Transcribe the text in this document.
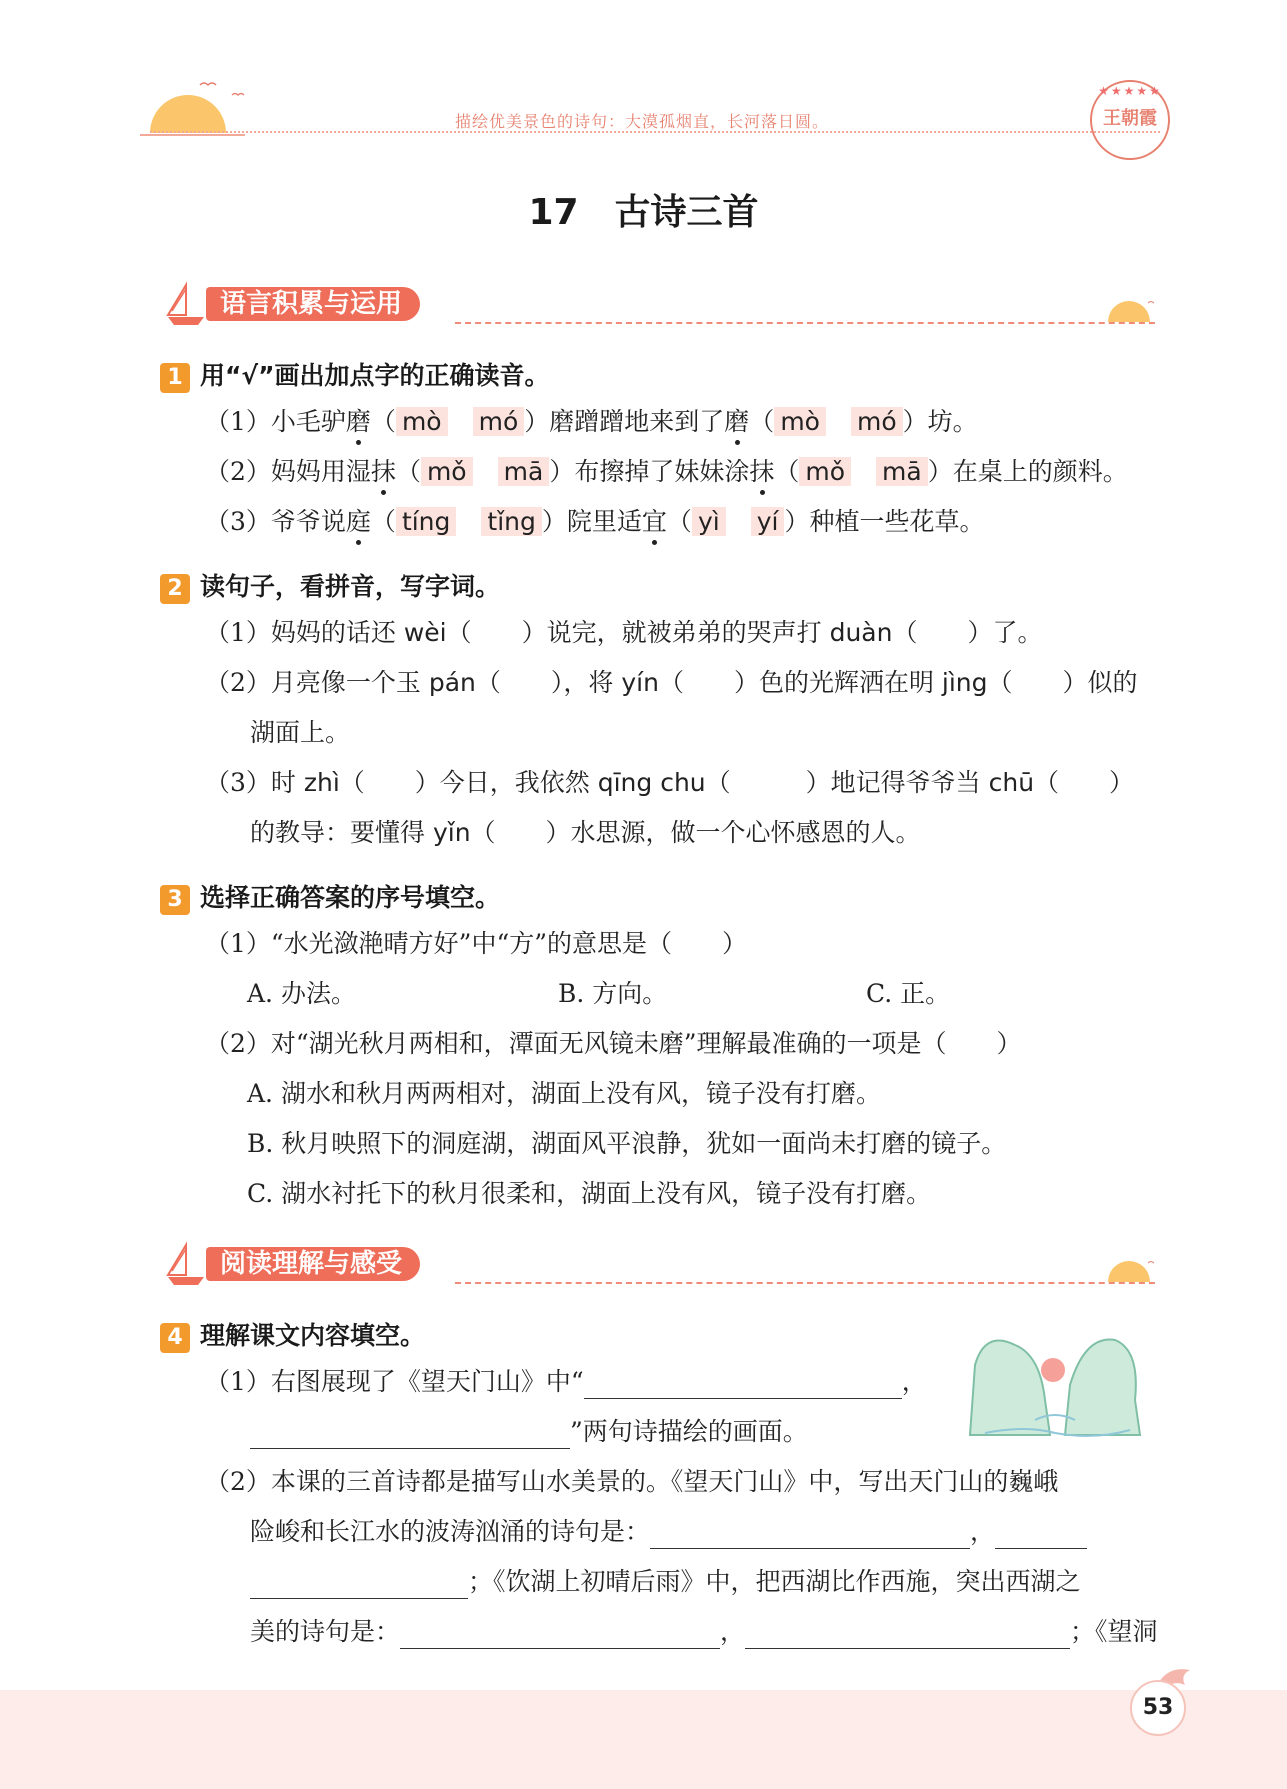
描绘优美景色的诗句：大漠孤烟直，长河落日圆。
★★★★★
王朝霞
17 古诗三首
语言积累与运用
1 用“√”画出加点字的正确读音。
（1）小毛驴磨（ mò　 mó ）磨蹭蹭地来到了磨（ mò　 mó ）坊。
（2）妈妈用湿抹（ mǒ　 mā ）布擦掉了妹妹涂抹（ mǒ　 mā ）在桌上的颜料。
（3）爷爷说庭（ tíng　 tǐng ）院里适宜（ yì　 yí ）种植一些花草。
2 读句子，看拼音，写字词。
（1）妈妈的话还 wèi（　　）说完，就被弟弟的哭声打 duàn（　　）了。
（2）月亮像一个玉 pán（　　），将 yín（　　）色的光辉洒在明 jìng（　　）似的
湖面上。
（3）时 zhì（　　）今日，我依然 qīng chu（　　　）地记得爷爷当 chū（　　）
的教导：要懂得 yǐn（　　）水思源，做一个心怀感恩的人。
3 选择正确答案的序号填空。
（1）“水光潋滟晴方好”中“方”的意思是（　　）
A. 办法。	B. 方向。	C. 正。
（2）对“湖光秋月两相和，潭面无风镜未磨”理解最准确的一项是（　　）
A. 湖水和秋月两两相对，湖面上没有风，镜子没有打磨。
B. 秋月映照下的洞庭湖，湖面风平浪静，犹如一面尚未打磨的镜子。
C. 湖水衬托下的秋月很柔和，湖面上没有风，镜子没有打磨。
阅读理解与感受
4 理解课文内容填空。
（1）右图展现了《望天门山》中“	，
”两句诗描绘的画面。
（2）本课的三首诗都是描写山水美景的。《望天门山》中，写出天门山的巍峨
险峻和长江水的波涛汹涌的诗句是：	，
；《饮湖上初晴后雨》中，把西湖比作西施，突出西湖之
美的诗句是：	，	；《望洞
53
